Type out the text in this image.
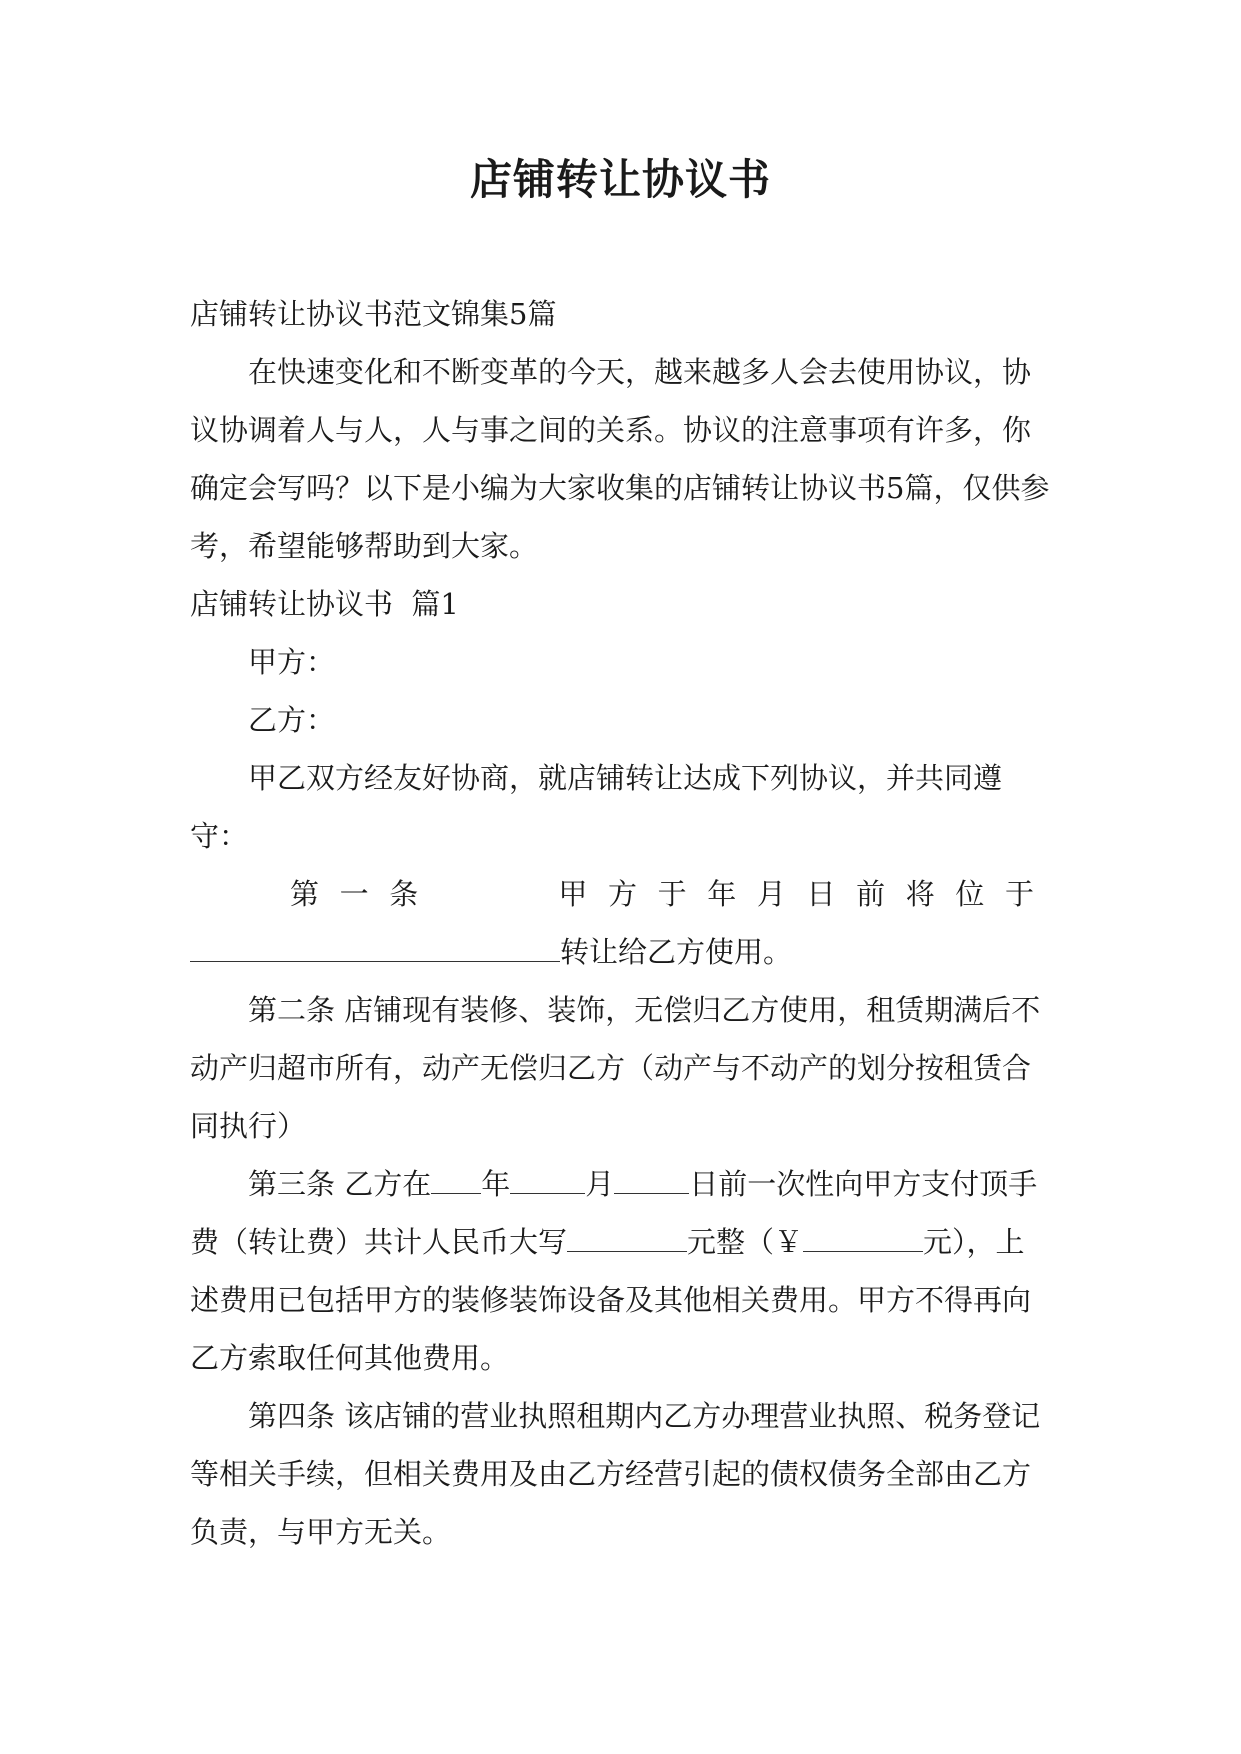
店铺转让协议书

店铺转让协议书范文锦集5篇

在快速变化和不断变革的今天，越来越多人会去使用协议，协议协调着人与人，人与事之间的关系。协议的注意事项有许多，你确定会写吗？以下是小编为大家收集的店铺转让协议书5篇，仅供参考，希望能够帮助到大家。

店铺转让协议书  篇1

甲方：

乙方：

甲乙双方经友好协商，就店铺转让达成下列协议，并共同遵守：

第一条    甲方于年月日前将位于

转让给乙方使用。

第二条 店铺现有装修、装饰，无偿归乙方使用，租赁期满后不动产归超市所有，动产无偿归乙方（动产与不动产的划分按租赁合同执行）

第三条 乙方在 年	月	日前一次性向甲方支付顶手费（转让费）共计人民币大写	元整（￥	元），上述费用已包括甲方的装修装饰设备及其他相关费用。甲方不得再向乙方索取任何其他费用。

第四条 该店铺的营业执照租期内乙方办理营业执照、税务登记等相关手续，但相关费用及由乙方经营引起的债权债务全部由乙方负责，与甲方无关。
